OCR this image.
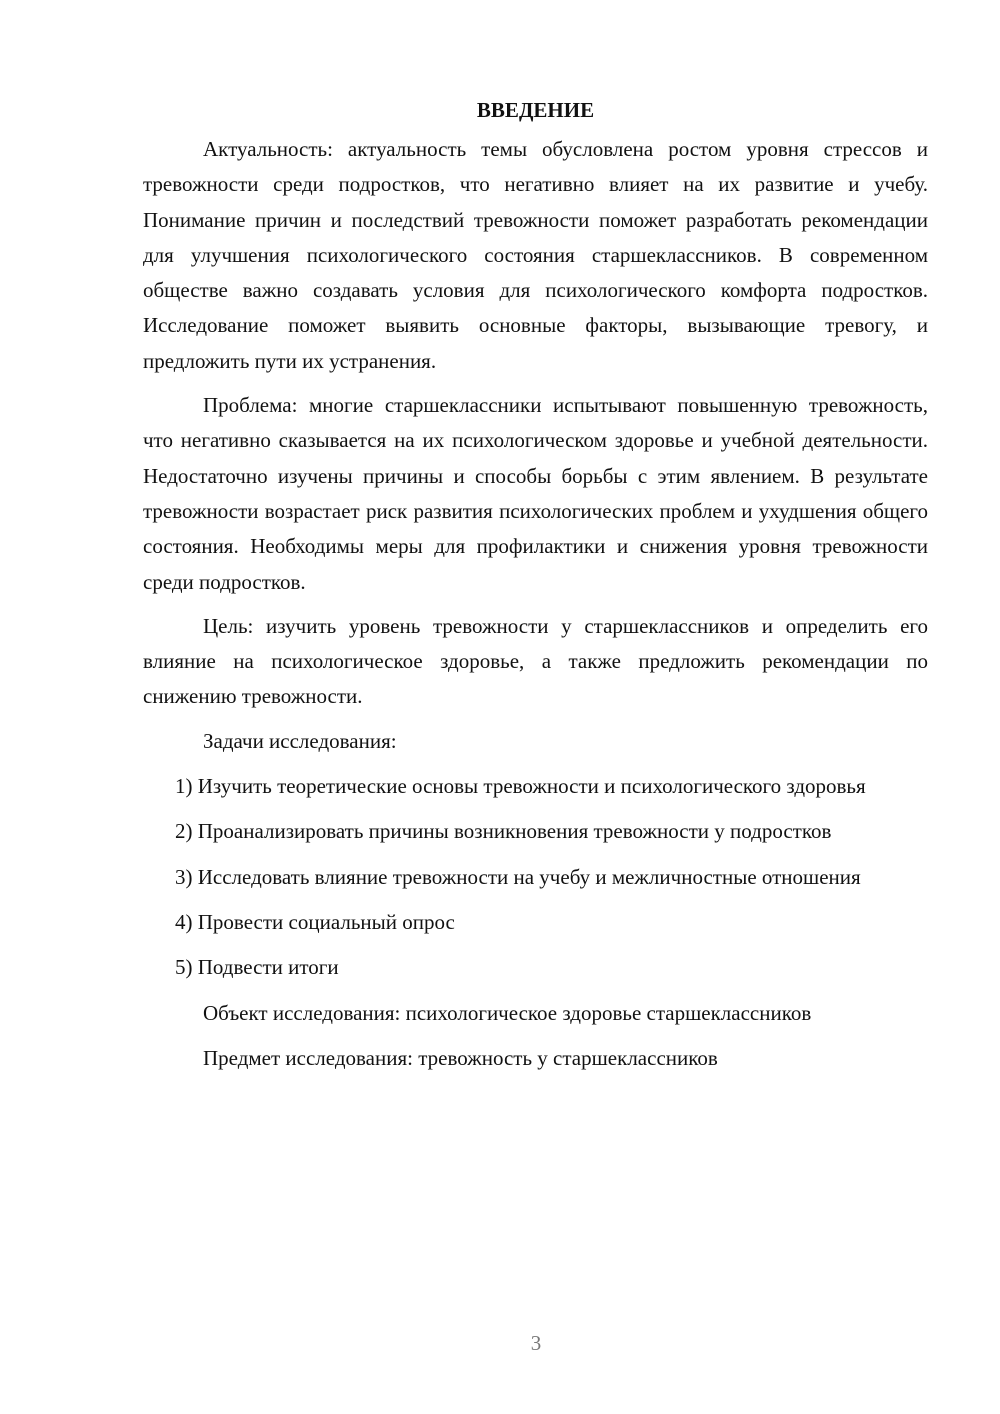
ВВЕДЕНИЕ

Актуальность: актуальность темы обусловлена ростом уровня стрессов и тревожности среди подростков, что негативно влияет на их развитие и учебу. Понимание причин и последствий тревожности поможет разработать рекомендации для улучшения психологического состояния старшеклассников. В современном обществе важно создавать условия для психологического комфорта подростков. Исследование поможет выявить основные факторы, вызывающие тревогу, и предложить пути их устранения.

Проблема: многие старшеклассники испытывают повышенную тревожность, что негативно сказывается на их психологическом здоровье и учебной деятельности. Недостаточно изучены причины и способы борьбы с этим явлением. В результате тревожности возрастает риск развития психологических проблем и ухудшения общего состояния. Необходимы меры для профилактики и снижения уровня тревожности среди подростков.

Цель: изучить уровень тревожности у старшеклассников и определить его влияние на психологическое здоровье, а также предложить рекомендации по снижению тревожности.

Задачи исследования:

1) Изучить теоретические основы тревожности и психологического здоровья

2) Проанализировать причины возникновения тревожности у подростков

3) Исследовать влияние тревожности на учебу и межличностные отношения

4) Провести социальный опрос

5) Подвести итоги

Объект исследования: психологическое здоровье старшеклассников

Предмет исследования: тревожность у старшеклассников

3
